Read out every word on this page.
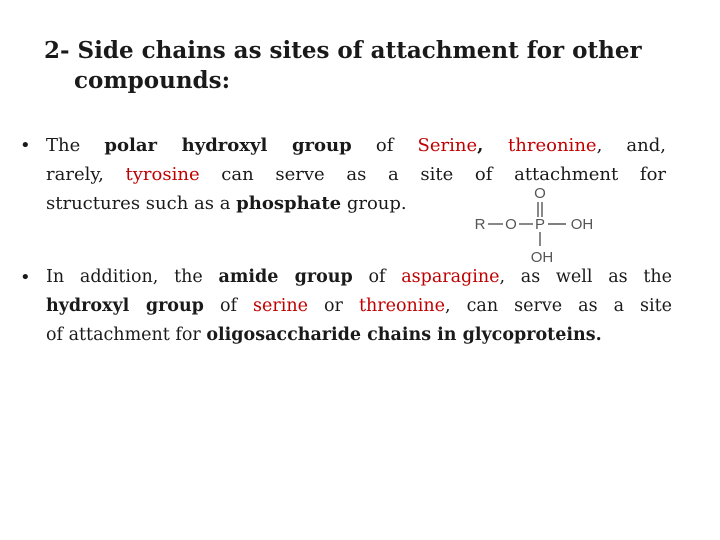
2- Side chains as sites of attachment for other
compounds:
• The polar hydroxyl group of Serine, threonine, and,
rarely, tyrosine can serve as a site of attachment for
structures such as a phosphate group.	O
R O P OH
OH
• In addition, the amide group of asparagine, as well as the
hydroxyl group of serine or threonine, can serve as a site
of attachment for oligosaccharide chains in glycoproteins.
